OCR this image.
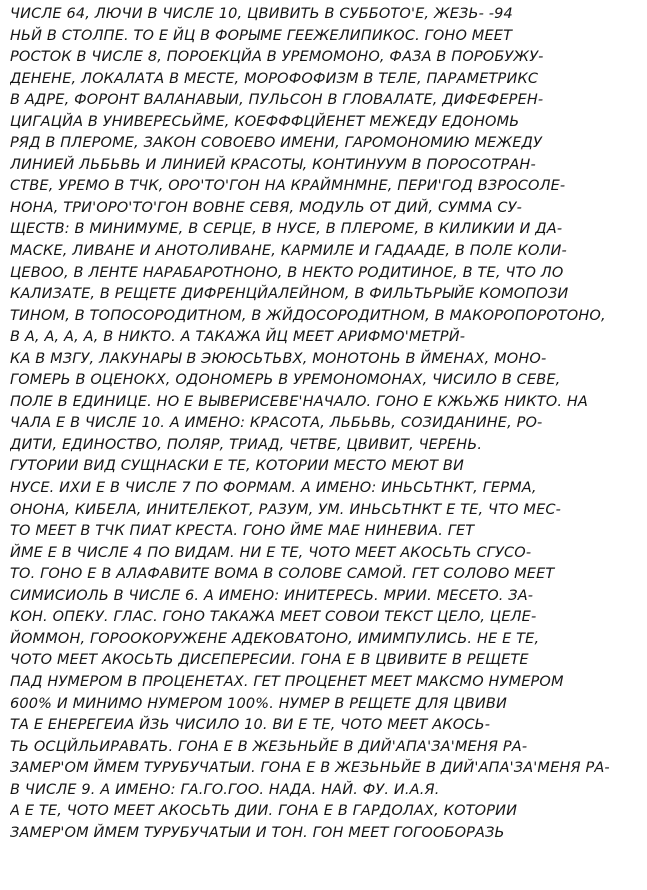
ЧИСЛЕ 64, ЛЮЧИ В ЧИСЛЕ 10, ЦВИВИТЬ В СУББОТО'Е, ЖЕЗЬ- -94
НЬЙ В СТОЛПЕ. ТО Е ЙЦ В ФОРЫМЕ ГЕЕЖЕЛИПИКОС. ГОНО МЕЕТ
РОСТОК В ЧИСЛЕ 8, ПОРОЕКЦЙА В УРЕМОМОНО, ФАЗА В ПОРОБУЖУ-
ДЕНЕНЕ, ЛОКАЛАТА В МЕСТЕ, МОРОФОФИЗМ В ТЕЛЕ, ПАРАМЕТРИКС
В АДРЕ, ФОРОНТ ВАЛАНАВЫИ, ПУЛЬСОН В ГЛОВАЛАТЕ, ДИФЕФЕРЕН-
ЦИГАЦЙА В УНИВЕРЕСЬЙМЕ, КОЕФФФЦЙЕНЕТ МЕЖЕДУ ЕДОНОМЬ
РЯД В ПЛЕРОМЕ, ЗАКОН СОВОЕВО ИМЕНИ, ГАРОМОНОМИЮ МЕЖЕДУ
ЛИНИЕЙ ЛЬБЬВЬ И ЛИНИЕЙ КРАСОТЫ, КОНТИНУУМ В ПОРОСОТРАН-
СТВЕ, УРЕМО В ТЧК, ОРО'ТО'ГОН НА КРАЙМНМНЕ, ПЕРИ'ГОД ВЗРОСОЛЕ-
НОНА, ТРИ'ОРО'ТО'ГОН ВОВНЕ СЕВЯ, МОДУЛЬ ОТ ДИЙ, СУММА СУ-
ЩЕСТВ: В МИНИМУМЕ, В СЕРЦЕ, В НУСЕ, В ПЛЕРОМЕ, В КИЛИКИИ И ДА-
МАСКЕ, ЛИВАНЕ И АНОТОЛИВАНЕ, КАРМИЛЕ И ГАДААДЕ, В ПОЛЕ КОЛИ-
ЦЕВОО, В ЛЕНТЕ НАРАБАРОТНОНО, В НЕКТО РОДИТИНОЕ, В ТЕ, ЧТО ЛО
КАЛИЗАТЕ, В РЕЩЕТЕ ДИФРЕНЦЙАЛЕЙНОМ, В ФИЛЬТЬРЫЙЕ КОМОПОЗИ
ТИНОМ, В ТОПОСОРОДИТНОМ, В ЖЙДОСОРОДИТНОМ, В МАКОРОПОРОТОНО,
В А, А, А, А, В НИКТО. А ТАКАЖА ЙЦ МЕЕТ АРИФМО'МЕТРЙ-
КА В МЗГУ, ЛАКУНАРЫ В ЭЮЮСЬТЬВХ, МОНОТОНЬ В ЙМЕНАХ, МОНО-
ГОМЕРЬ В ОЦЕНОКХ, ОДОНОМЕРЬ В УРЕМОНОМОНАХ, ЧИСИЛО В СЕВЕ,
ПОЛЕ В ЕДИНИЦЕ. НО Е ВЫВЕРИСЕВЕ'НАЧАЛО. ГОНО Е КЖЬЖБ НИКТО. НА
ЧАЛА Е В ЧИСЛЕ 10. А ИМЕНО: КРАСОТА, ЛЬБЬВЬ, СОЗИДАНИНЕ, РО-
ДИТИ, ЕДИНОСТВО, ПОЛЯР, ТРИАД, ЧЕТВЕ, ЦВИВИТ, ЧЕРЕНЬ.
ГУТОРИИ ВИД СУЩНАСКИ Е ТЕ, КОТОРИИ МЕСТО МЕЮТ ВИ
НУСЕ. ИХИ Е В ЧИСЛЕ 7 ПО ФОРМАМ. А ИМЕНО: ИНЬСЬТНКТ, ГЕРМА,
ОНОНА, КИБЕЛА, ИНИТЕЛЕКОТ, РАЗУМ, УМ. ИНЬСЬТНКТ Е ТЕ, ЧТО МЕС-
ТО МЕЕТ В ТЧК ПИАТ КРЕСТА. ГОНО ЙМЕ МАЕ НИНЕВИА. ГЕТ
ЙМЕ Е В ЧИСЛЕ 4 ПО ВИДАМ. НИ Е ТЕ, ЧОТО МЕЕТ АКОСЬТЬ СГУСО-
ТО. ГОНО Е В АЛАФАВИТЕ ВОМА В СОЛОВЕ САМОЙ. ГЕТ СОЛОВО МЕЕТ
СИМИСИОЛЬ В ЧИСЛЕ 6. А ИМЕНО: ИНИТЕРЕСЬ. МРИИ. МЕСЕТО. ЗА-
КОН. ОПЕКУ. ГЛАС. ГОНО ТАКАЖА МЕЕТ СОВОИ ТЕКСТ ЦЕЛО, ЦЕЛЕ-
ЙОММОН, ГОРООКОРУЖЕНЕ АДЕКОВАТОНО, ИМИМПУЛИСЬ. НЕ Е ТЕ,
ЧОТО МЕЕТ АКОСЬТЬ ДИСЕПЕРЕСИИ. ГОНА Е В ЦВИВИТЕ В РЕЩЕТЕ
ПАД НУМЕРОМ В ПРОЦЕНЕТАХ. ГЕТ ПРОЦЕНЕТ МЕЕТ МАКСМО НУМЕРОМ
600% И МИНИМО НУМЕРОМ 100%. НУМЕР В РЕЩЕТЕ ДЛЯ ЦВИВИ
ТА Е ЕНЕРЕГЕИА ЙЗЬ ЧИСИЛО 10. ВИ Е ТЕ, ЧОТО МЕЕТ АКОСЬ-
ТЬ ОСЦЙЛЬИРАВАТЬ. ГОНА Е В ЖЕЗЬНЬЙЕ В ДИЙ'АПА'ЗА'МЕНЯ РА-
ЗАМЕР'ОМ ЙМЕМ ТУРУБУЧАТЫИ. ГОНА Е В ЖЕЗЬНЬЙЕ В ДИЙ'АПА'ЗА'МЕНЯ РА-
В ЧИСЛЕ 9. А ИМЕНО: ГА.ГО.ГОО. НАДА. НАЙ. ФУ. И.А.Я.
А Е ТЕ, ЧОТО МЕЕТ АКОСЬТЬ ДИИ. ГОНА Е В ГАРДОЛАХ, КОТОРИИ
ЗАМЕР'ОМ ЙМЕМ ТУРУБУЧАТЫИ И ТОН. ГОН МЕЕТ ГОГООБОРАЗЬ
